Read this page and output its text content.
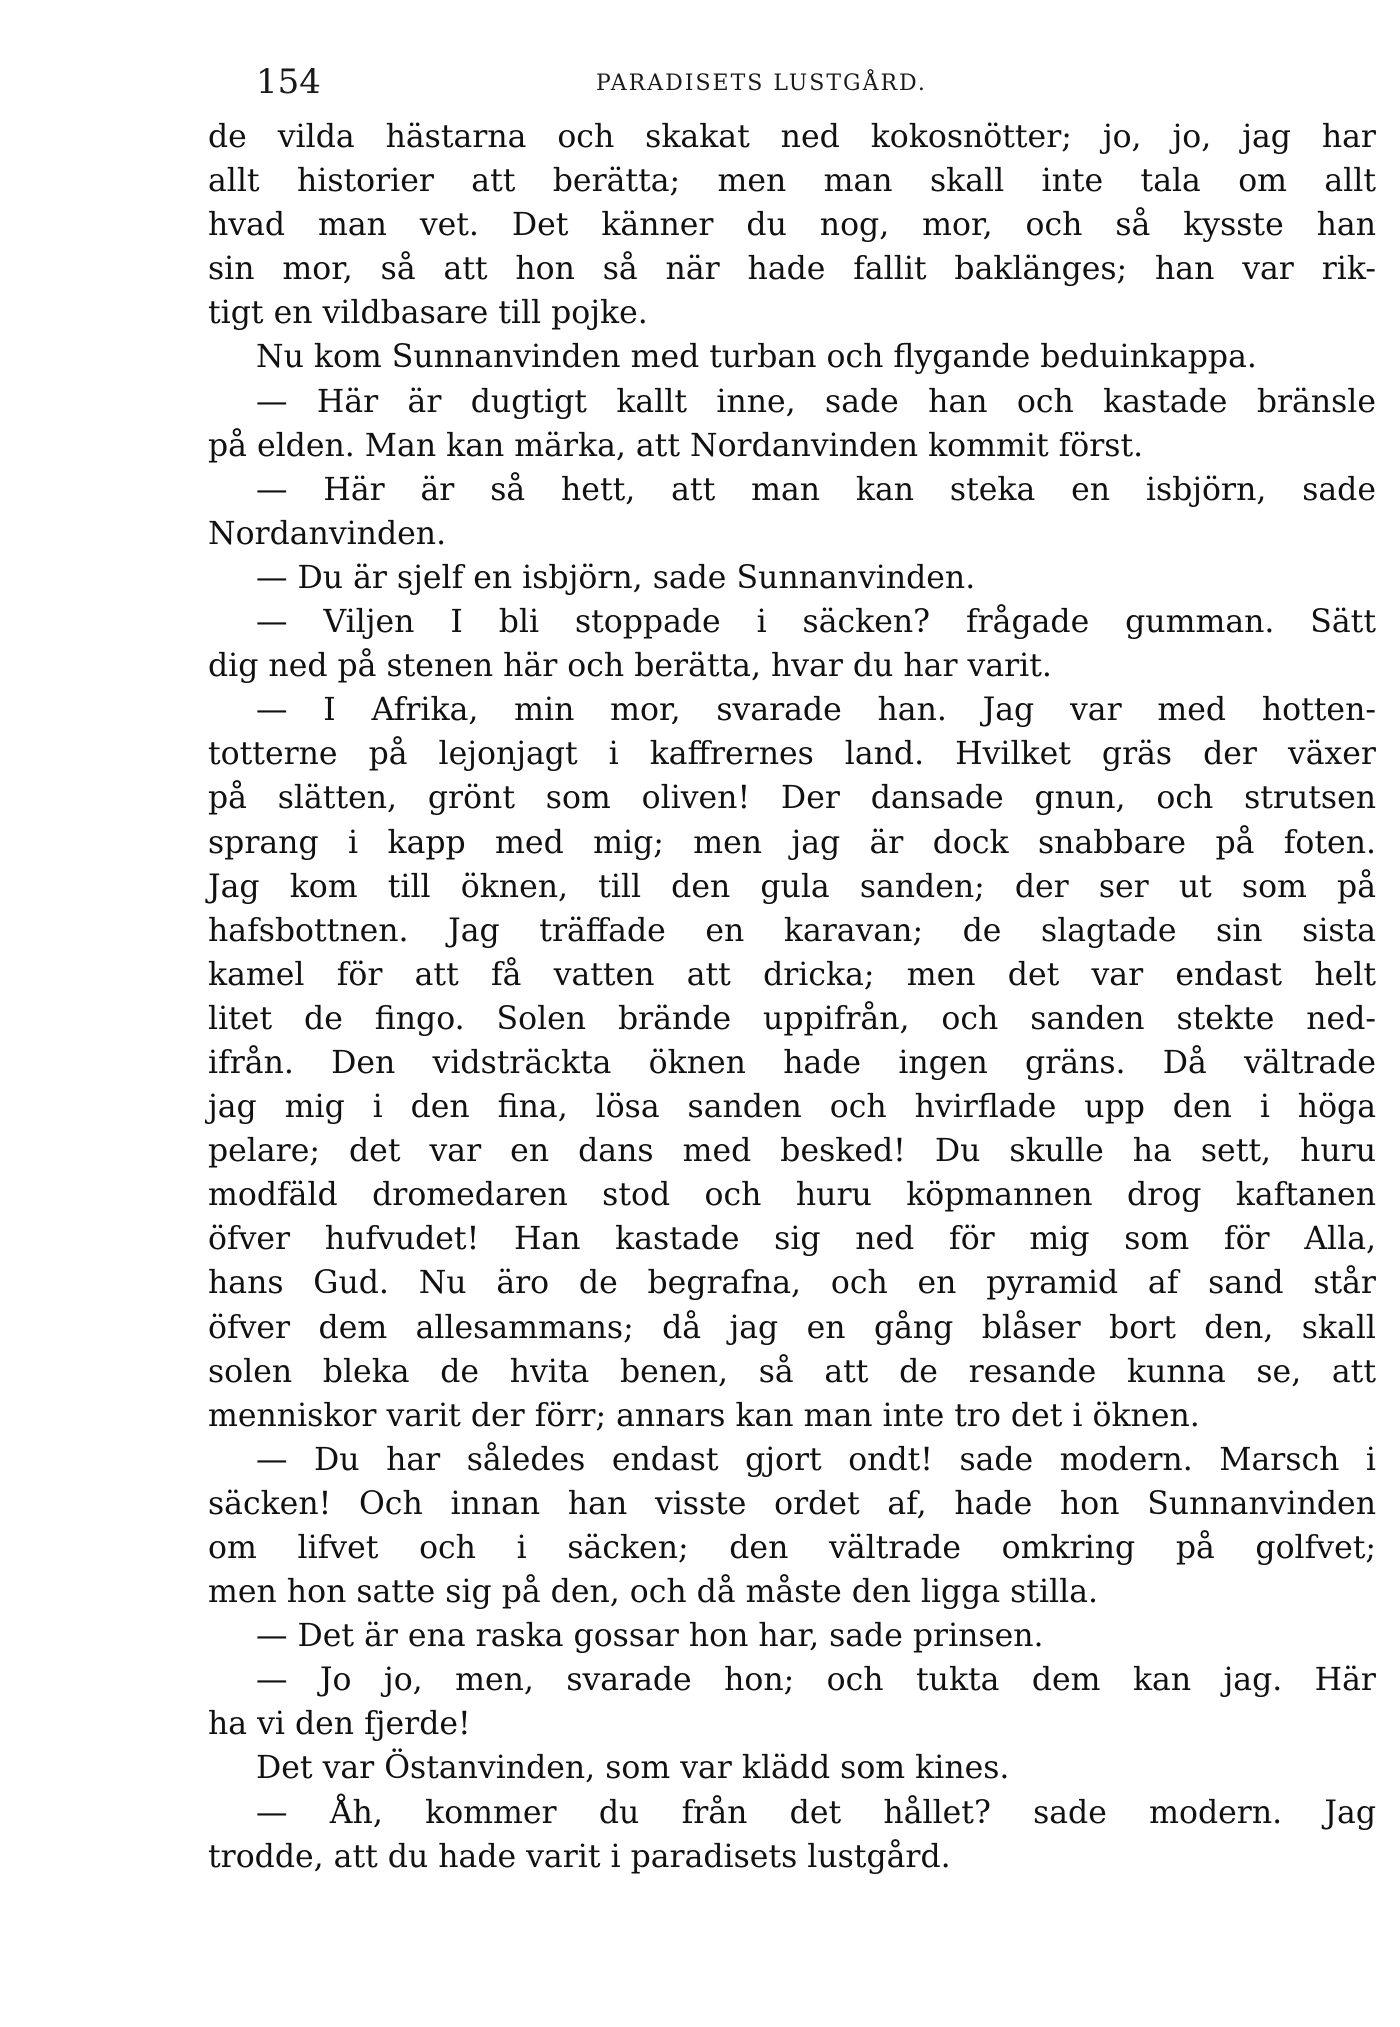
154	PARADISETS LUSTGÅRD.
de vilda hästarna och skakat ned kokosnötter; jo, jo, jag har
allt historier att berätta; men man skall inte tala om allt
hvad man vet. Det känner du nog, mor, och så kysste han
sin mor, så att hon så när hade fallit baklänges; han var rik-
tigt en vildbasare till pojke.
Nu kom Sunnanvinden med turban och flygande beduinkappa.
— Här är dugtigt kallt inne, sade han och kastade bränsle
på elden. Man kan märka, att Nordanvinden kommit först.
— Här är så hett, att man kan steka en isbjörn, sade
Nordanvinden.
— Du är sjelf en isbjörn, sade Sunnanvinden.
— Viljen I bli stoppade i säcken? frågade gumman. Sätt
dig ned på stenen här och berätta, hvar du har varit.
— I Afrika, min mor, svarade han. Jag var med hotten-
totterne på lejonjagt i kaffrernes land. Hvilket gräs der växer
på slätten, grönt som oliven! Der dansade gnun, och strutsen
sprang i kapp med mig; men jag är dock snabbare på foten.
Jag kom till öknen, till den gula sanden; der ser ut som på
hafsbottnen. Jag träffade en karavan; de slagtade sin sista
kamel för att få vatten att dricka; men det var endast helt
litet de fingo. Solen brände uppifrån, och sanden stekte ned-
ifrån. Den vidsträckta öknen hade ingen gräns. Då vältrade
jag mig i den fina, lösa sanden och hvirflade upp den i höga
pelare; det var en dans med besked! Du skulle ha sett, huru
modfäld dromedaren stod och huru köpmannen drog kaftanen
öfver hufvudet! Han kastade sig ned för mig som för Alla,
hans Gud. Nu äro de begrafna, och en pyramid af sand står
öfver dem allesammans; då jag en gång blåser bort den, skall
solen bleka de hvita benen, så att de resande kunna se, att
menniskor varit der förr; annars kan man inte tro det i öknen.
— Du har således endast gjort ondt! sade modern. Marsch i
säcken! Och innan han visste ordet af, hade hon Sunnanvinden
om lifvet och i säcken; den vältrade omkring på golfvet;
men hon satte sig på den, och då måste den ligga stilla.
— Det är ena raska gossar hon har, sade prinsen.
— Jo jo, men, svarade hon; och tukta dem kan jag. Här
ha vi den fjerde!
Det var Östanvinden, som var klädd som kines.
— Åh, kommer du från det hållet? sade modern. Jag
trodde, att du hade varit i paradisets lustgård.
